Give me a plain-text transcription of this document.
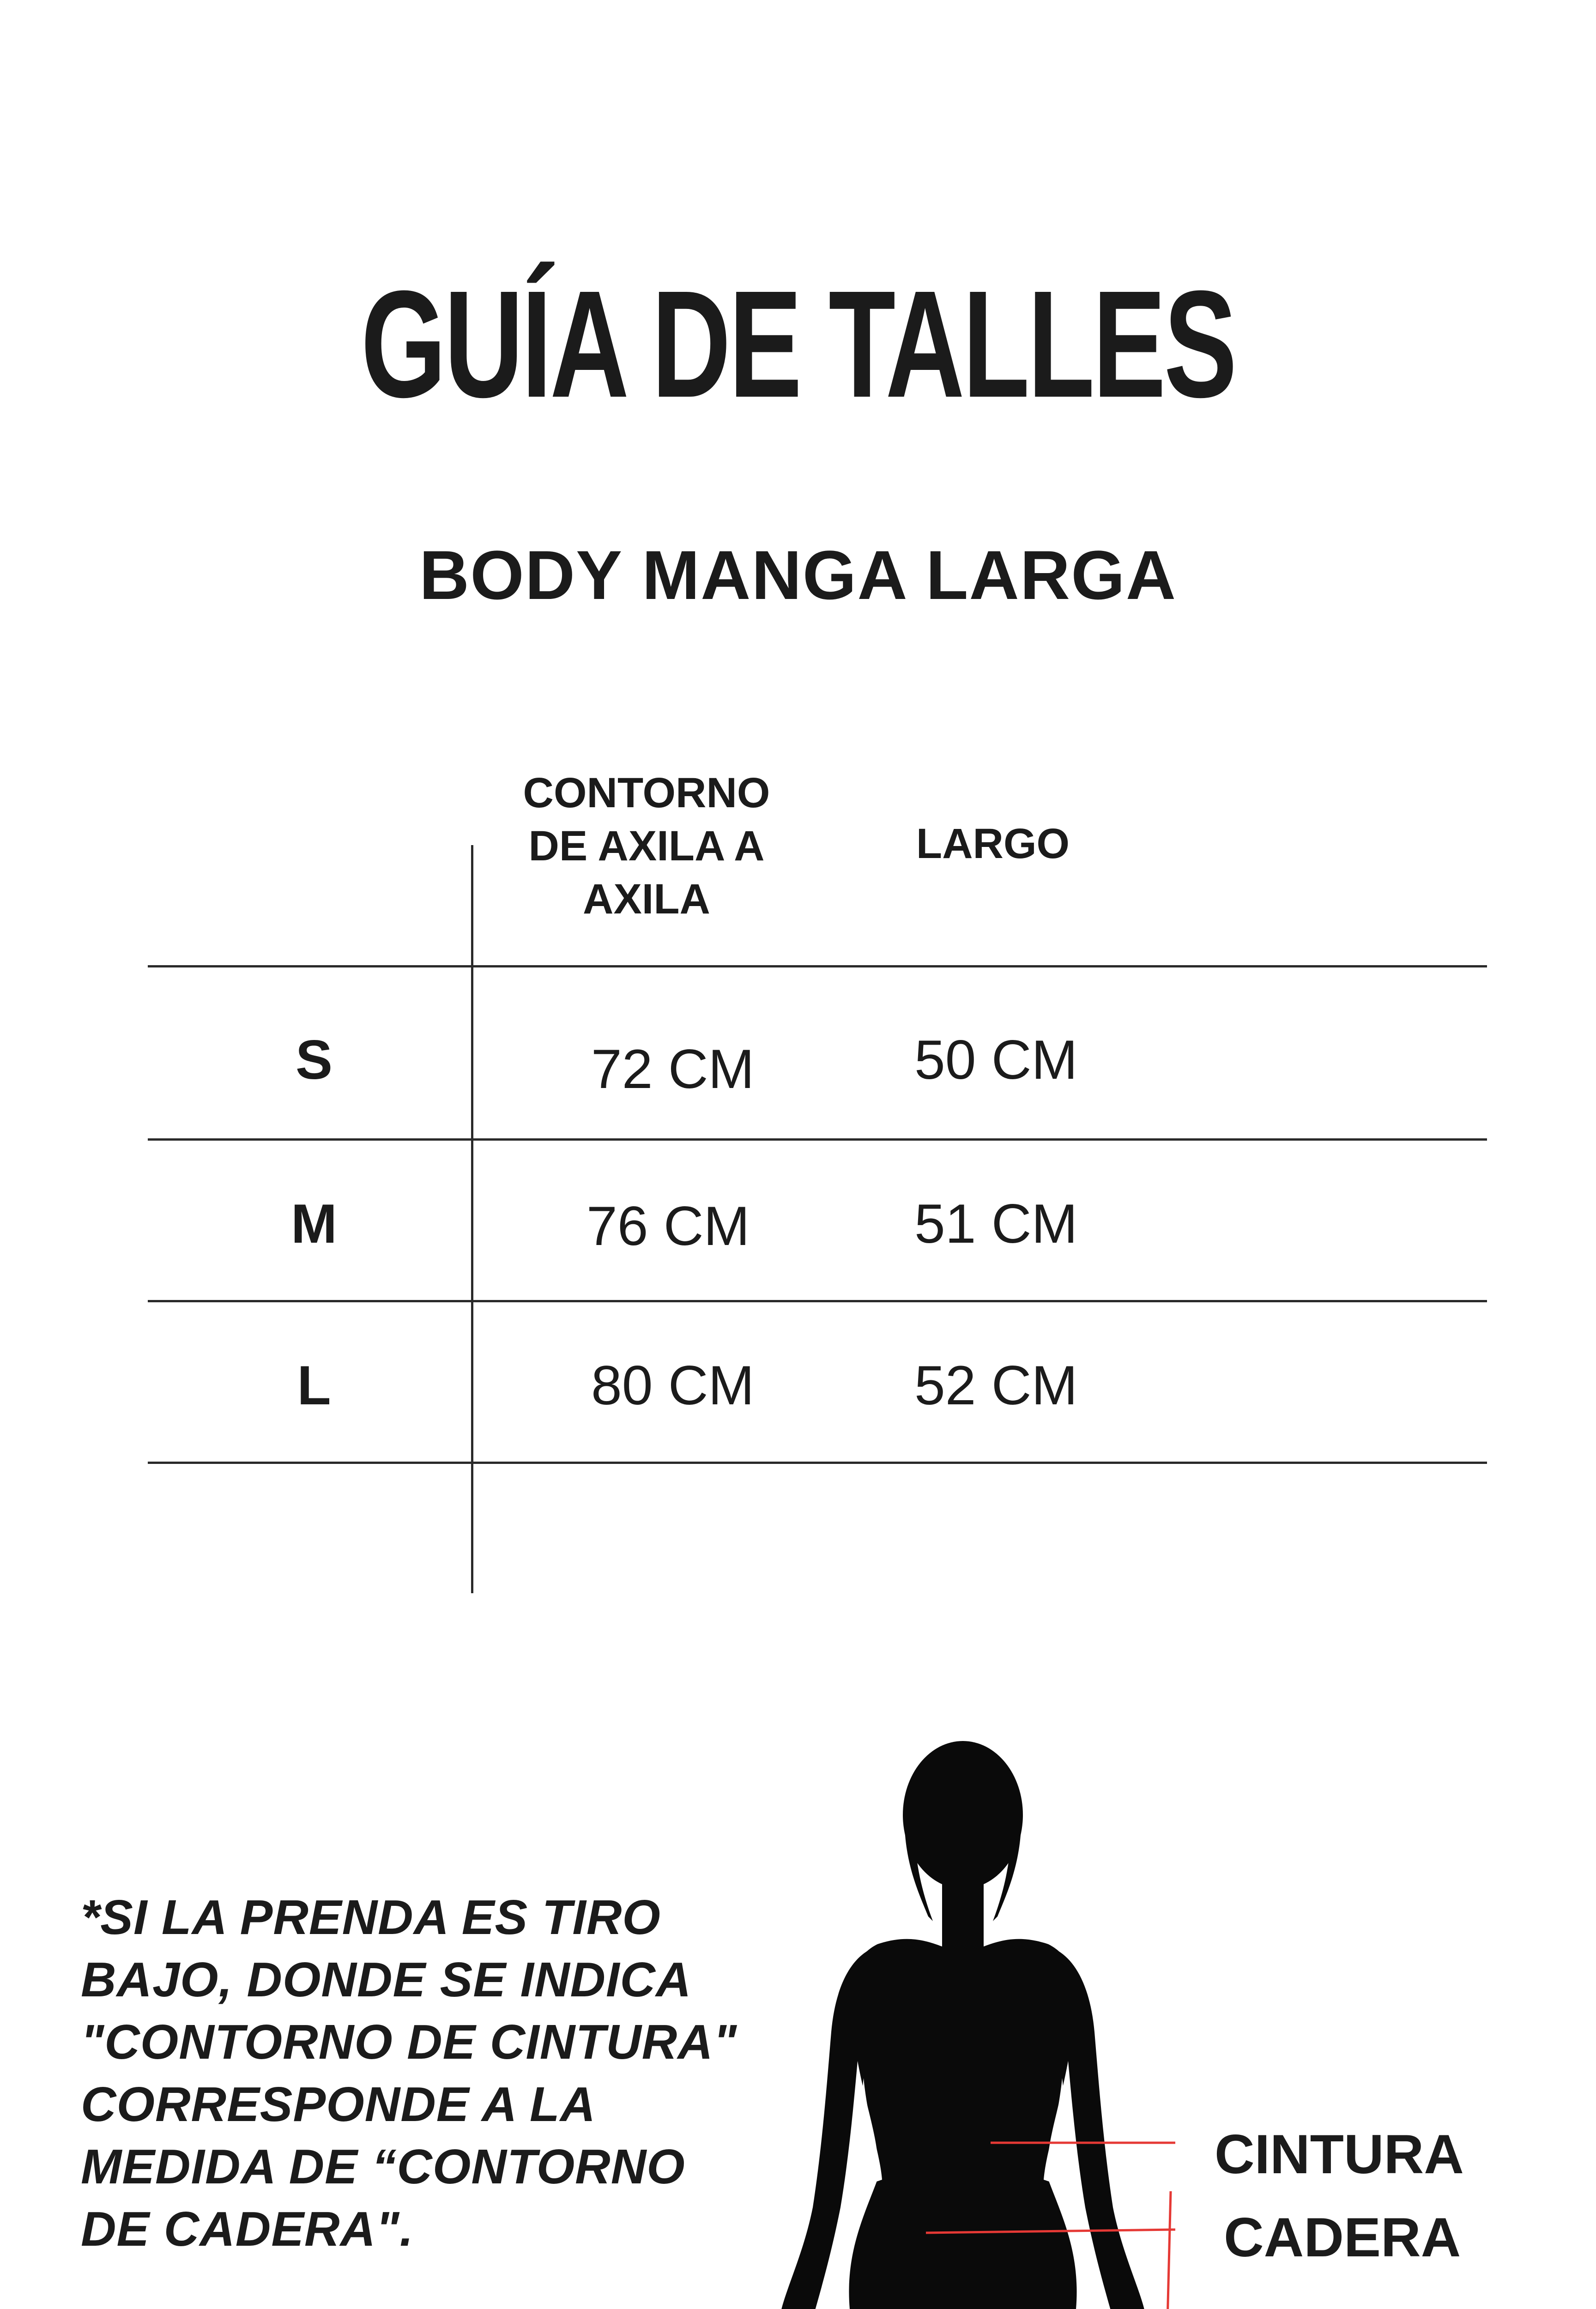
GUÍA DE TALLES
BODY MANGA LARGA
CONTORNO
DE AXILA A
AXILA
LARGO
S	72 CM	50 CM
M	76 CM	51 CM
L	80 CM	52 CM
*SI LA PRENDA ES TIRO
BAJO, DONDE SE INDICA
"CONTORNO DE CINTURA"
CORRESPONDE A LA
MEDIDA DE “CONTORNO
DE CADERA".
CINTURA
CADERA
